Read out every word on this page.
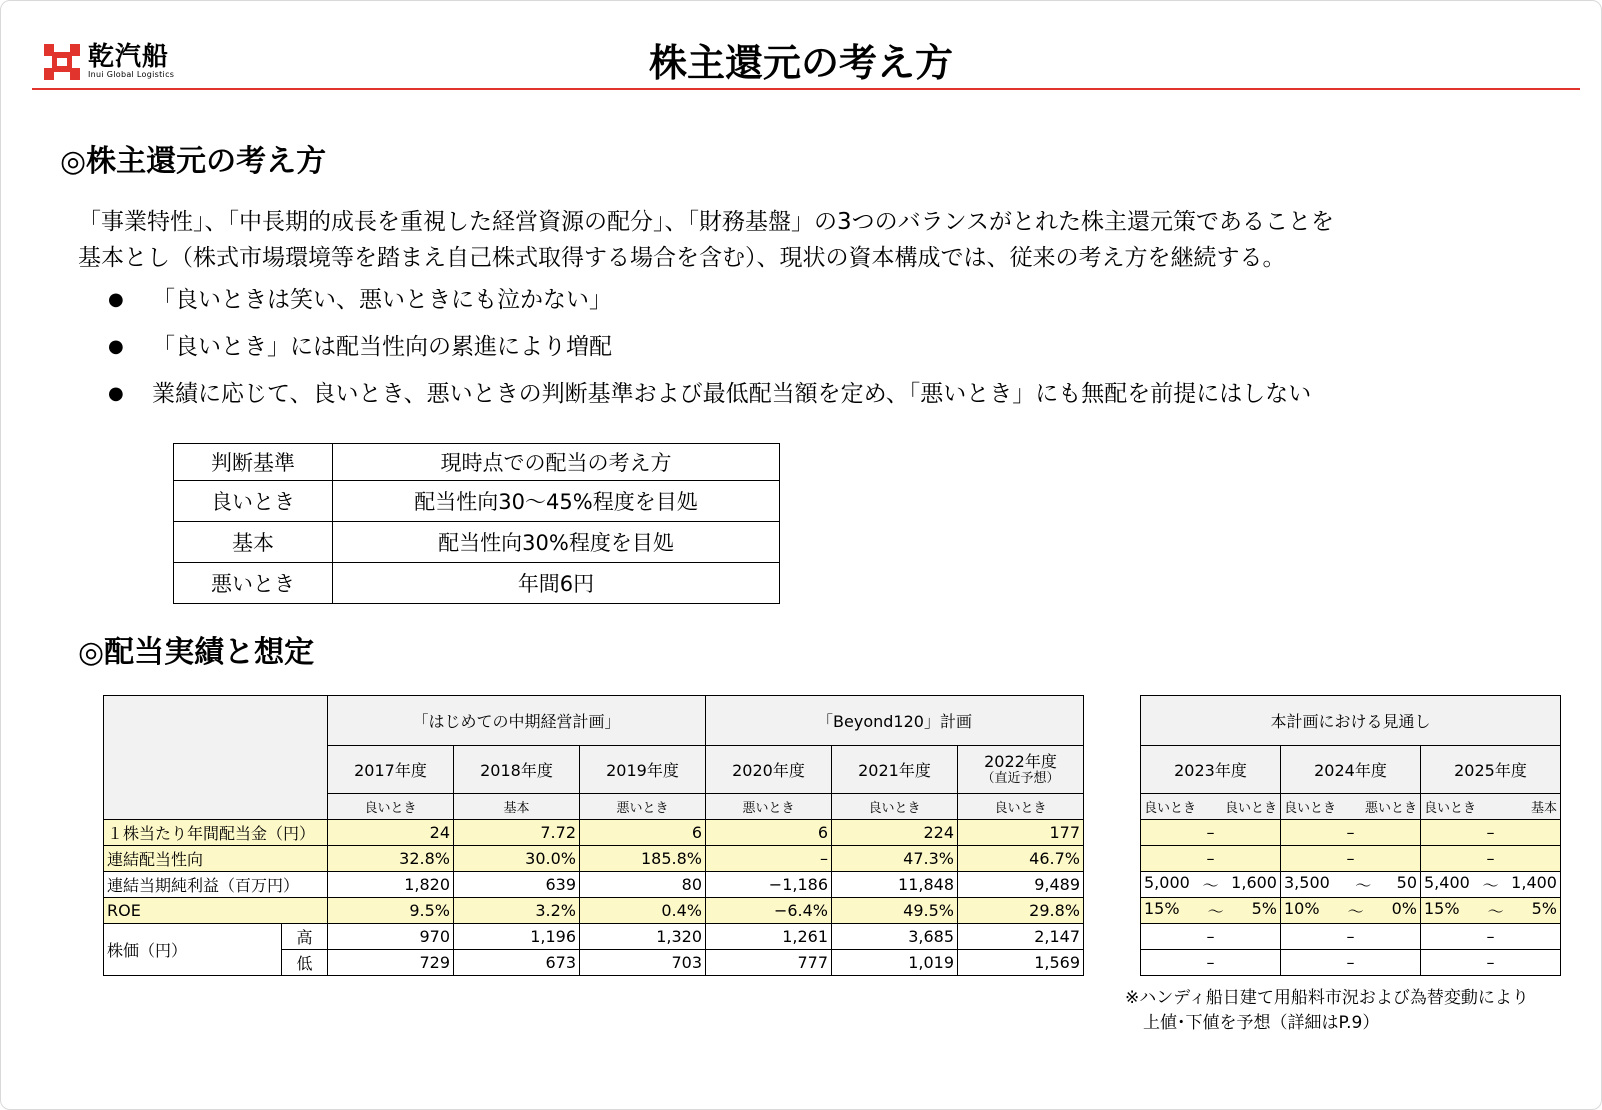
乾汽船
Inui Global Logistics	株主還元の考え方
◎株主還元の考え方
「事業特性」、「中長期的成長を重視した経営資源の配分」、「財務基盤」の3つのバランスがとれた株主還元策であることを
基本とし（株式市場環境等を踏まえ自己株式取得する場合を含む）、現状の資本構成では、従来の考え方を継続する。
●	「良いときは笑い、悪いときにも泣かない」
●	「良いとき」には配当性向の累進により増配
●	業績に応じて、良いとき、悪いときの判断基準および最低配当額を定め、「悪いとき」にも無配を前提にはしない
判断基準	現時点での配当の考え方
良いとき	配当性向30～45%程度を目処
基本	配当性向30%程度を目処
悪いとき	年間6円
◎配当実績と想定
		「はじめての中期経営計画」			「Beyond120」計画		
		2017年度	2018年度	2019年度	2020年度	2021年度	2022年度
（直近予想）

		良いとき	基本	悪いとき	悪いとき	良いとき	良いとき
１株当たり年間配当金（円）		24	7.72	6	6	224	177
連結配当性向		32.8%	30.0%	185.8%	–	47.3%	46.7%
連結当期純利益（百万円）		1,820	639	80	−1,186	11,848	9,489
ROE		9.5%	3.2%	0.4%	−6.4%	49.5%	29.8%
株価（円）	高	970	1,196	1,320	1,261	3,685	2,147
	低	729	673	703	777	1,019	1,569
本計画における見通し		
2023年度	2024年度	2025年度

良いとき 良いとき	良いとき 悪いとき	良いとき 基本

–	–	–
–	–	–

5,000 ～ 1,600	3,500 ～ 50	5,400 ～ 1,400

15% ～ 5%	10% ～ 0%	15% ～ 5%

–	–	–
–	–	–
※ハンディ船日建て用船料市況および為替変動により
上値･下値を予想（詳細はP.9）
